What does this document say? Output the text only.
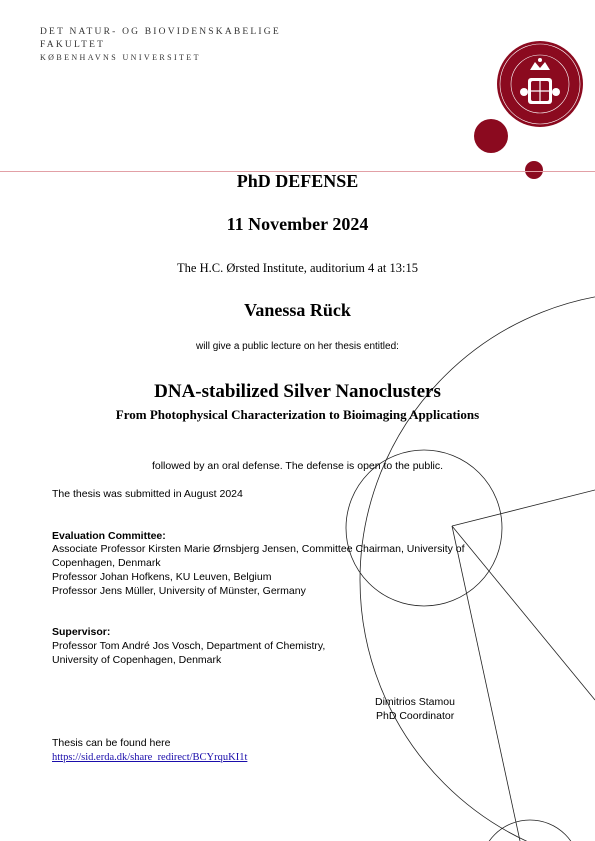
DET NATUR- OG BIOVIDENSKABELIGE
FAKULTET
KØBENHAVNS UNIVERSITET
PhD DEFENSE
11 November 2024
The H.C. Ørsted Institute, auditorium 4 at 13:15
Vanessa Rück
will give a public lecture on her thesis entitled:
DNA-stabilized Silver Nanoclusters
From Photophysical Characterization to Bioimaging Applications
followed by an oral defense. The defense is open to the public.
The thesis was submitted in August 2024
Evaluation Committee:
Associate Professor Kirsten Marie Ørnsbjerg Jensen, Committee Chairman, University of
Copenhagen, Denmark
Professor Johan Hofkens, KU Leuven, Belgium
Professor Jens Müller, University of Münster, Germany
Supervisor:
Professor Tom André Jos Vosch, Department of Chemistry,
University of Copenhagen, Denmark
Dimitrios Stamou
PhD Coordinator
Thesis can be found here
https://sid.erda.dk/share_redirect/BCYrquKI1t
